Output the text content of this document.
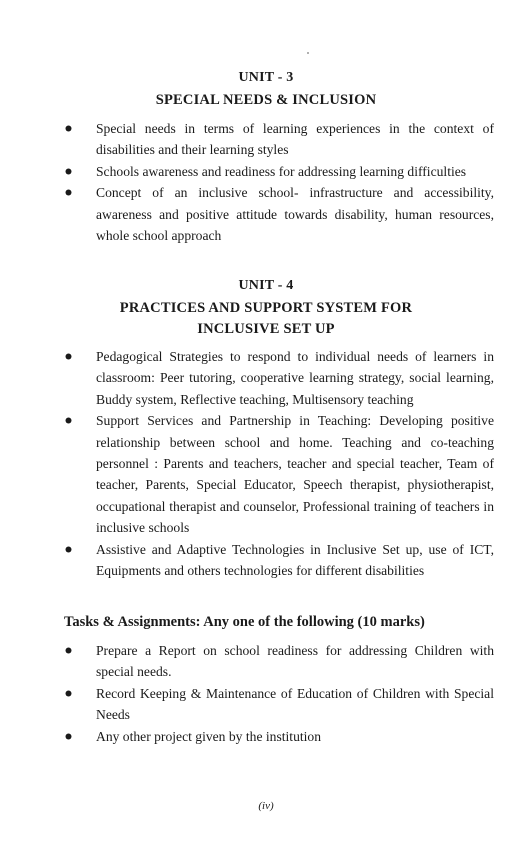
UNIT - 3
SPECIAL NEEDS & INCLUSION
Special needs in terms of learning experiences in the context of disabilities and their learning styles
Schools awareness and readiness for addressing learning difficulties
Concept of an inclusive school- infrastructure and accessibility, awareness and positive attitude towards disability, human resources, whole school approach
UNIT - 4
PRACTICES AND SUPPORT SYSTEM FOR
INCLUSIVE SET UP
Pedagogical Strategies to respond to individual needs of learners in classroom: Peer tutoring, cooperative learning strategy, social learning, Buddy system, Reflective teaching, Multisensory teaching
Support Services and Partnership in Teaching: Developing positive relationship between school and home. Teaching and co-teaching personnel : Parents and teachers, teacher and special teacher, Team of teacher, Parents, Special Educator, Speech therapist, physiotherapist, occupational therapist and counselor, Professional training of teachers in inclusive schools
Assistive and Adaptive Technologies in Inclusive Set up, use of ICT, Equipments and others technologies for different disabilities
Tasks & Assignments: Any one of the following (10 marks)
Prepare a Report on school readiness for addressing Children with special needs.
Record Keeping & Maintenance of Education of Children with Special Needs
Any other project given by the institution
(iv)
